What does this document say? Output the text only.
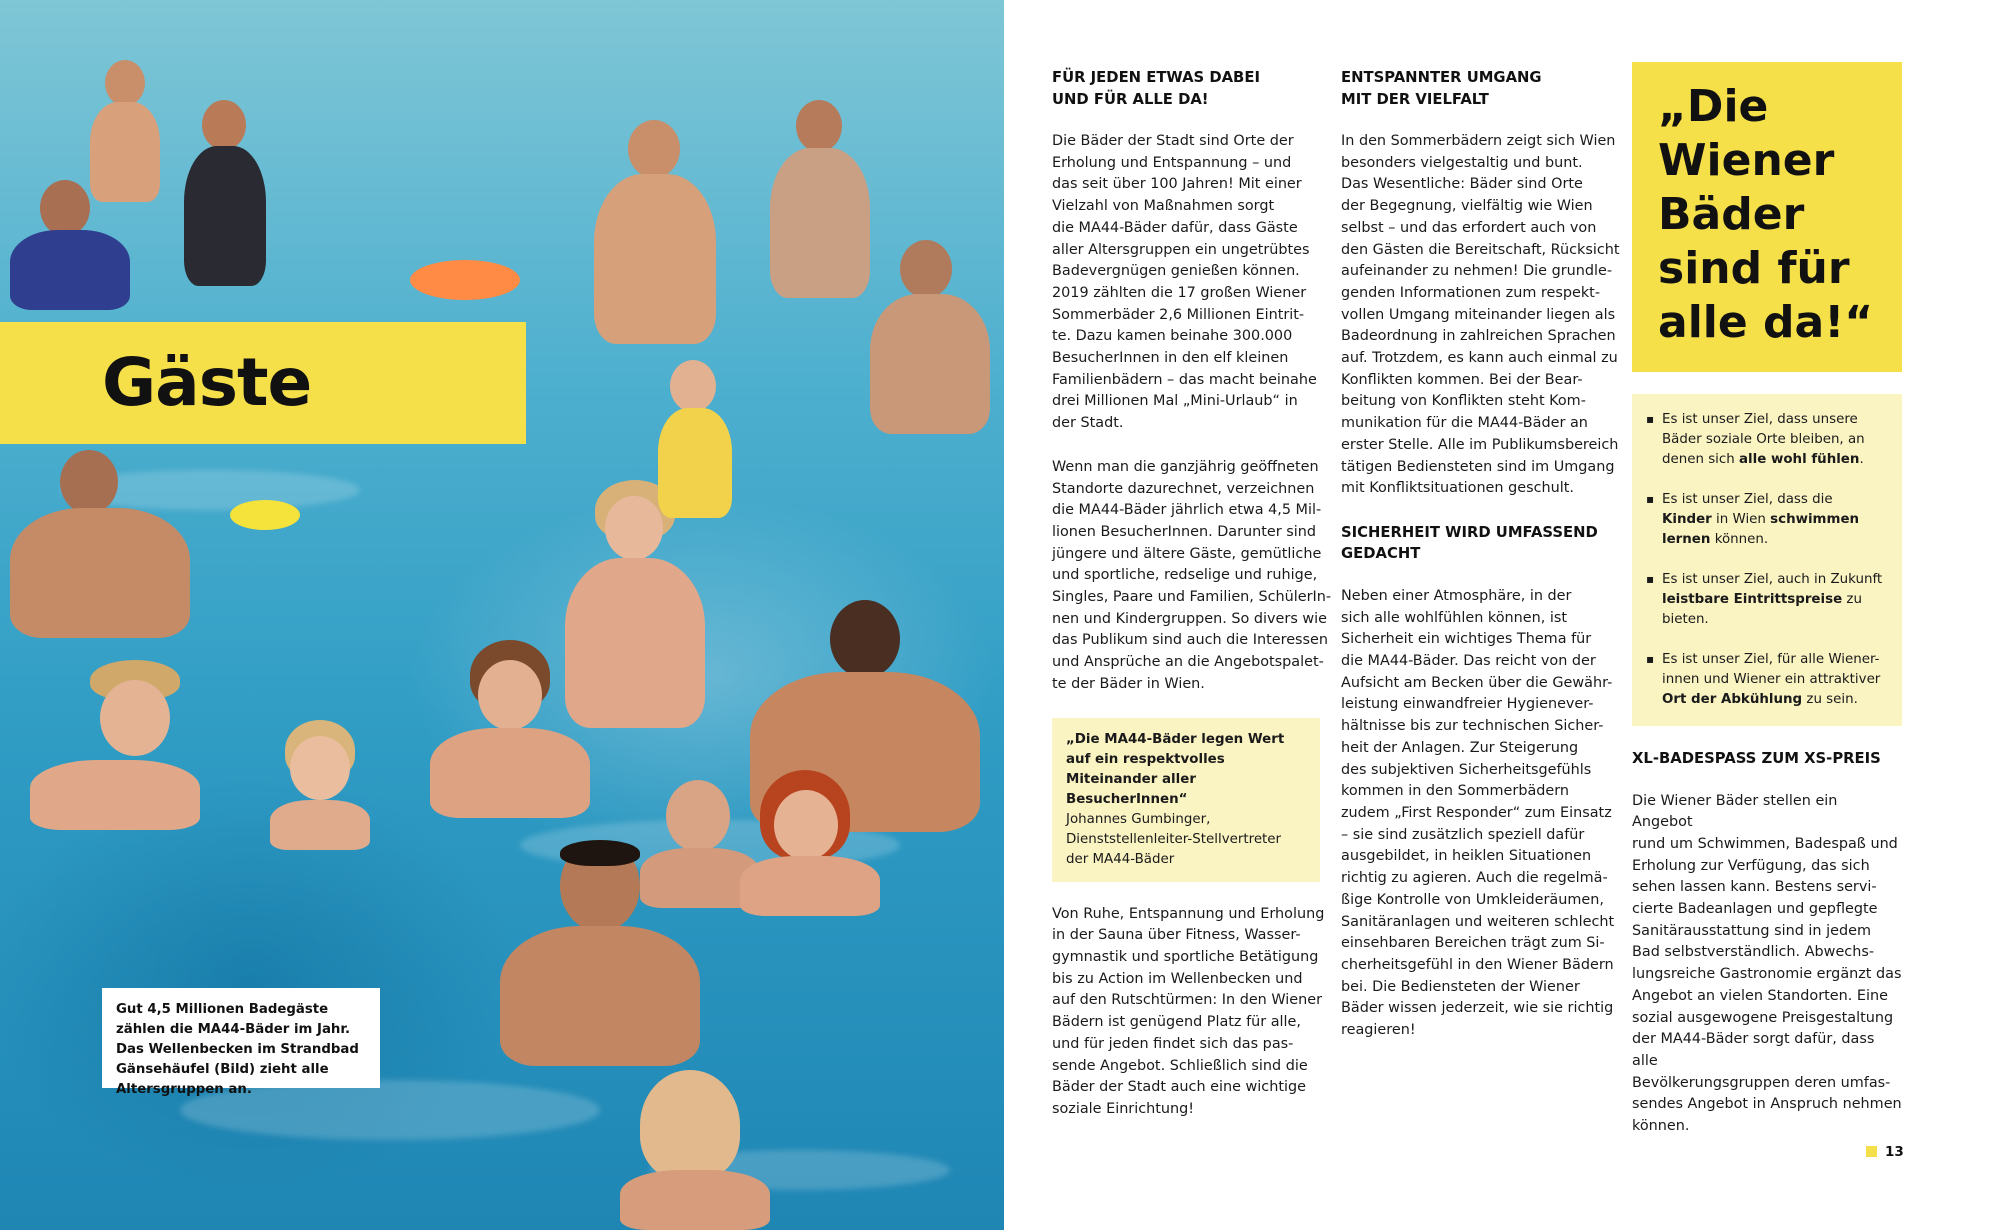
Gäste

Gut 4,5 Millionen Badegäste zählen die MA44-Bäder im Jahr. Das Wellenbecken im Strandbad Gänsehäufel (Bild) zieht alle Altersgruppen an.

FÜR JEDEN ETWAS DABEI
UND FÜR ALLE DA!

Die Bäder der Stadt sind Orte der
Erholung und Entspannung – und
das seit über 100 Jahren! Mit einer
Vielzahl von Maßnahmen sorgt
die MA44-Bäder dafür, dass Gäste
aller Altersgruppen ein ungetrübtes
Badevergnügen genießen können.
2019 zählten die 17 großen Wiener
Sommerbäder 2,6 Millionen Eintrit-
te. Dazu kamen beinahe 300.000
BesucherInnen in den elf kleinen
Familienbädern – das macht beinahe
drei Millionen Mal „Mini-Urlaub“ in
der Stadt.

Wenn man die ganzjährig geöffneten
Standorte dazurechnet, verzeichnen
die MA44-Bäder jährlich etwa 4,5 Mil-
lionen BesucherInnen. Darunter sind
jüngere und ältere Gäste, gemütliche
und sportliche, redselige und ruhige,
Singles, Paare und Familien, SchülerIn-
nen und Kindergruppen. So divers wie
das Publikum sind auch die Interessen
und Ansprüche an die Angebotspalet-
te der Bäder in Wien.

„Die MA44-Bäder legen Wert auf ein respektvolles Miteinander aller BesucherInnen“
Johannes Gumbinger, Dienststellenleiter-Stellvertreter der MA44-Bäder

Von Ruhe, Entspannung und Erholung
in der Sauna über Fitness, Wasser-
gymnastik und sportliche Betätigung
bis zu Action im Wellenbecken und
auf den Rutschtürmen: In den Wiener
Bädern ist genügend Platz für alle,
und für jeden findet sich das pas-
sende Angebot. Schließlich sind die
Bäder der Stadt auch eine wichtige
soziale Einrichtung!

ENTSPANNTER UMGANG
MIT DER VIELFALT

In den Sommerbädern zeigt sich Wien
besonders vielgestaltig und bunt.
Das Wesentliche: Bäder sind Orte
der Begegnung, vielfältig wie Wien
selbst – und das erfordert auch von
den Gästen die Bereitschaft, Rücksicht
aufeinander zu nehmen! Die grundle-
genden Informationen zum respekt-
vollen Umgang miteinander liegen als
Badeordnung in zahlreichen Sprachen
auf. Trotzdem, es kann auch einmal zu
Konflikten kommen. Bei der Bear-
beitung von Konflikten steht Kom-
munikation für die MA44-Bäder an
erster Stelle. Alle im Publikumsbereich
tätigen Bediensteten sind im Umgang
mit Konfliktsituationen geschult.

SICHERHEIT WIRD UMFASSEND
GEDACHT

Neben einer Atmosphäre, in der
sich alle wohlfühlen können, ist
Sicherheit ein wichtiges Thema für
die MA44-Bäder. Das reicht von der
Aufsicht am Becken über die Gewähr-
leistung einwandfreier Hygienever-
hältnisse bis zur technischen Sicher-
heit der Anlagen. Zur Steigerung
des subjektiven Sicherheitsgefühls
kommen in den Sommerbädern
zudem „First Responder“ zum Einsatz
– sie sind zusätzlich speziell dafür
ausgebildet, in heiklen Situationen
richtig zu agieren. Auch die regelmä-
ßige Kontrolle von Umkleideräumen,
Sanitäranlagen und weiteren schlecht
einsehbaren Bereichen trägt zum Si-
cherheitsgefühl in den Wiener Bädern
bei. Die Bediensteten der Wiener
Bäder wissen jederzeit, wie sie richtig
reagieren!

„Die
Wiener
Bäder
sind für
alle da!“

▪ Es ist unser Ziel, dass unsere Bäder soziale Orte bleiben, an denen sich alle wohl fühlen.
▪ Es ist unser Ziel, dass die Kinder in Wien schwimmen lernen können.
▪ Es ist unser Ziel, auch in Zukunft leistbare Eintrittspreise zu bieten.
▪ Es ist unser Ziel, für alle Wiener-innen und Wiener ein attraktiver Ort der Abkühlung zu sein.
XL-BADESPASS ZUM XS-PREIS

Die Wiener Bäder stellen ein Angebot
rund um Schwimmen, Badespaß und
Erholung zur Verfügung, das sich
sehen lassen kann. Bestens servi-
cierte Badeanlagen und gepflegte
Sanitärausstattung sind in jedem
Bad selbstverständlich. Abwechs-
lungsreiche Gastronomie ergänzt das
Angebot an vielen Standorten. Eine
sozial ausgewogene Preisgestaltung
der MA44-Bäder sorgt dafür, dass alle
Bevölkerungsgruppen deren umfas-
sendes Angebot in Anspruch nehmen
können.

13
